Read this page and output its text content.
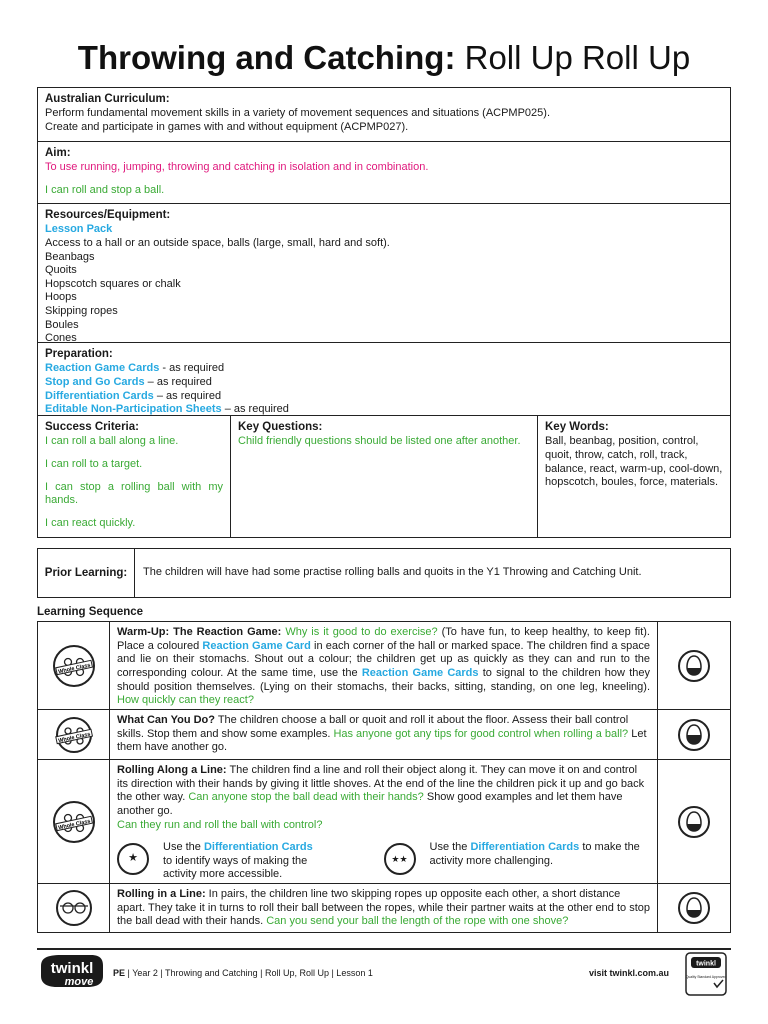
Throwing and Catching: Roll Up Roll Up
Australian Curriculum:
Perform fundamental movement skills in a variety of movement sequences and situations (ACPMP025).
Create and participate in games with and without equipment (ACPMP027).
Aim:
To use running, jumping, throwing and catching in isolation and in combination.
I can roll and stop a ball.
Resources/Equipment:
Lesson Pack
Access to a hall or an outside space, balls (large, small, hard and soft).
Beanbags
Quoits
Hopscotch squares or chalk
Hoops
Skipping ropes
Boules
Cones
Preparation:
Reaction Game Cards - as required
Stop and Go Cards – as required
Differentiation Cards – as required
Editable Non-Participation Sheets – as required
Success Criteria:
I can roll a ball along a line.
I can roll to a target.
I can stop a rolling ball with my hands.
I can react quickly.
Key Questions:
Child friendly questions should be listed one after another.
Key Words:
Ball, beanbag, position, control, quoit, throw, catch, roll, track, balance, react, warm-up, cool-down, hopscotch, boules, force, materials.
Prior Learning:	The children will have had some practise rolling balls and quoits in the Y1 Throwing and Catching Unit.
Learning Sequence
Whole Class
Warm-Up: The Reaction Game: Why is it good to do exercise? (To have fun, to keep healthy, to keep fit). Place a coloured Reaction Game Card in each corner of the hall or marked space. The children find a space and lie on their stomachs. Shout out a colour; the children get up as quickly as they can and run to the corresponding colour. At the same time, use the Reaction Game Cards to signal to the children how they should position themselves. (Lying on their stomachs, their backs, sitting, standing, on one leg, kneeling). How quickly can they react?
Whole Class
What Can You Do? The children choose a ball or quoit and roll it about the floor. Assess their ball control skills. Stop them and show some examples. Has anyone got any tips for good control when rolling a ball? Let them have another go.
Whole Class
Rolling Along a Line: The children find a line and roll their object along it. They can move it on and control its direction with their hands by giving it little shoves. At the end of the line the children pick it up and go back the other way. Can anyone stop the ball dead with their hands? Show good examples and let them have another go.
Can they run and roll the ball with control?
★
Use the Differentiation Cards to identify ways of making the activity more accessible.
★★
Use the Differentiation Cards to make the activity more challenging.
Rolling in a Line: In pairs, the children line two skipping ropes up opposite each other, a short distance apart. They take it in turns to roll their ball between the ropes, while their partner waits at the other end to stop the ball dead with their hands. Can you send your ball the length of the rope with one shove?
twinkl
move
PE | Year 2 | Throwing and Catching | Roll Up, Roll Up | Lesson 1	visit twinkl.com.au
twinkl
Quality Standard Approved
